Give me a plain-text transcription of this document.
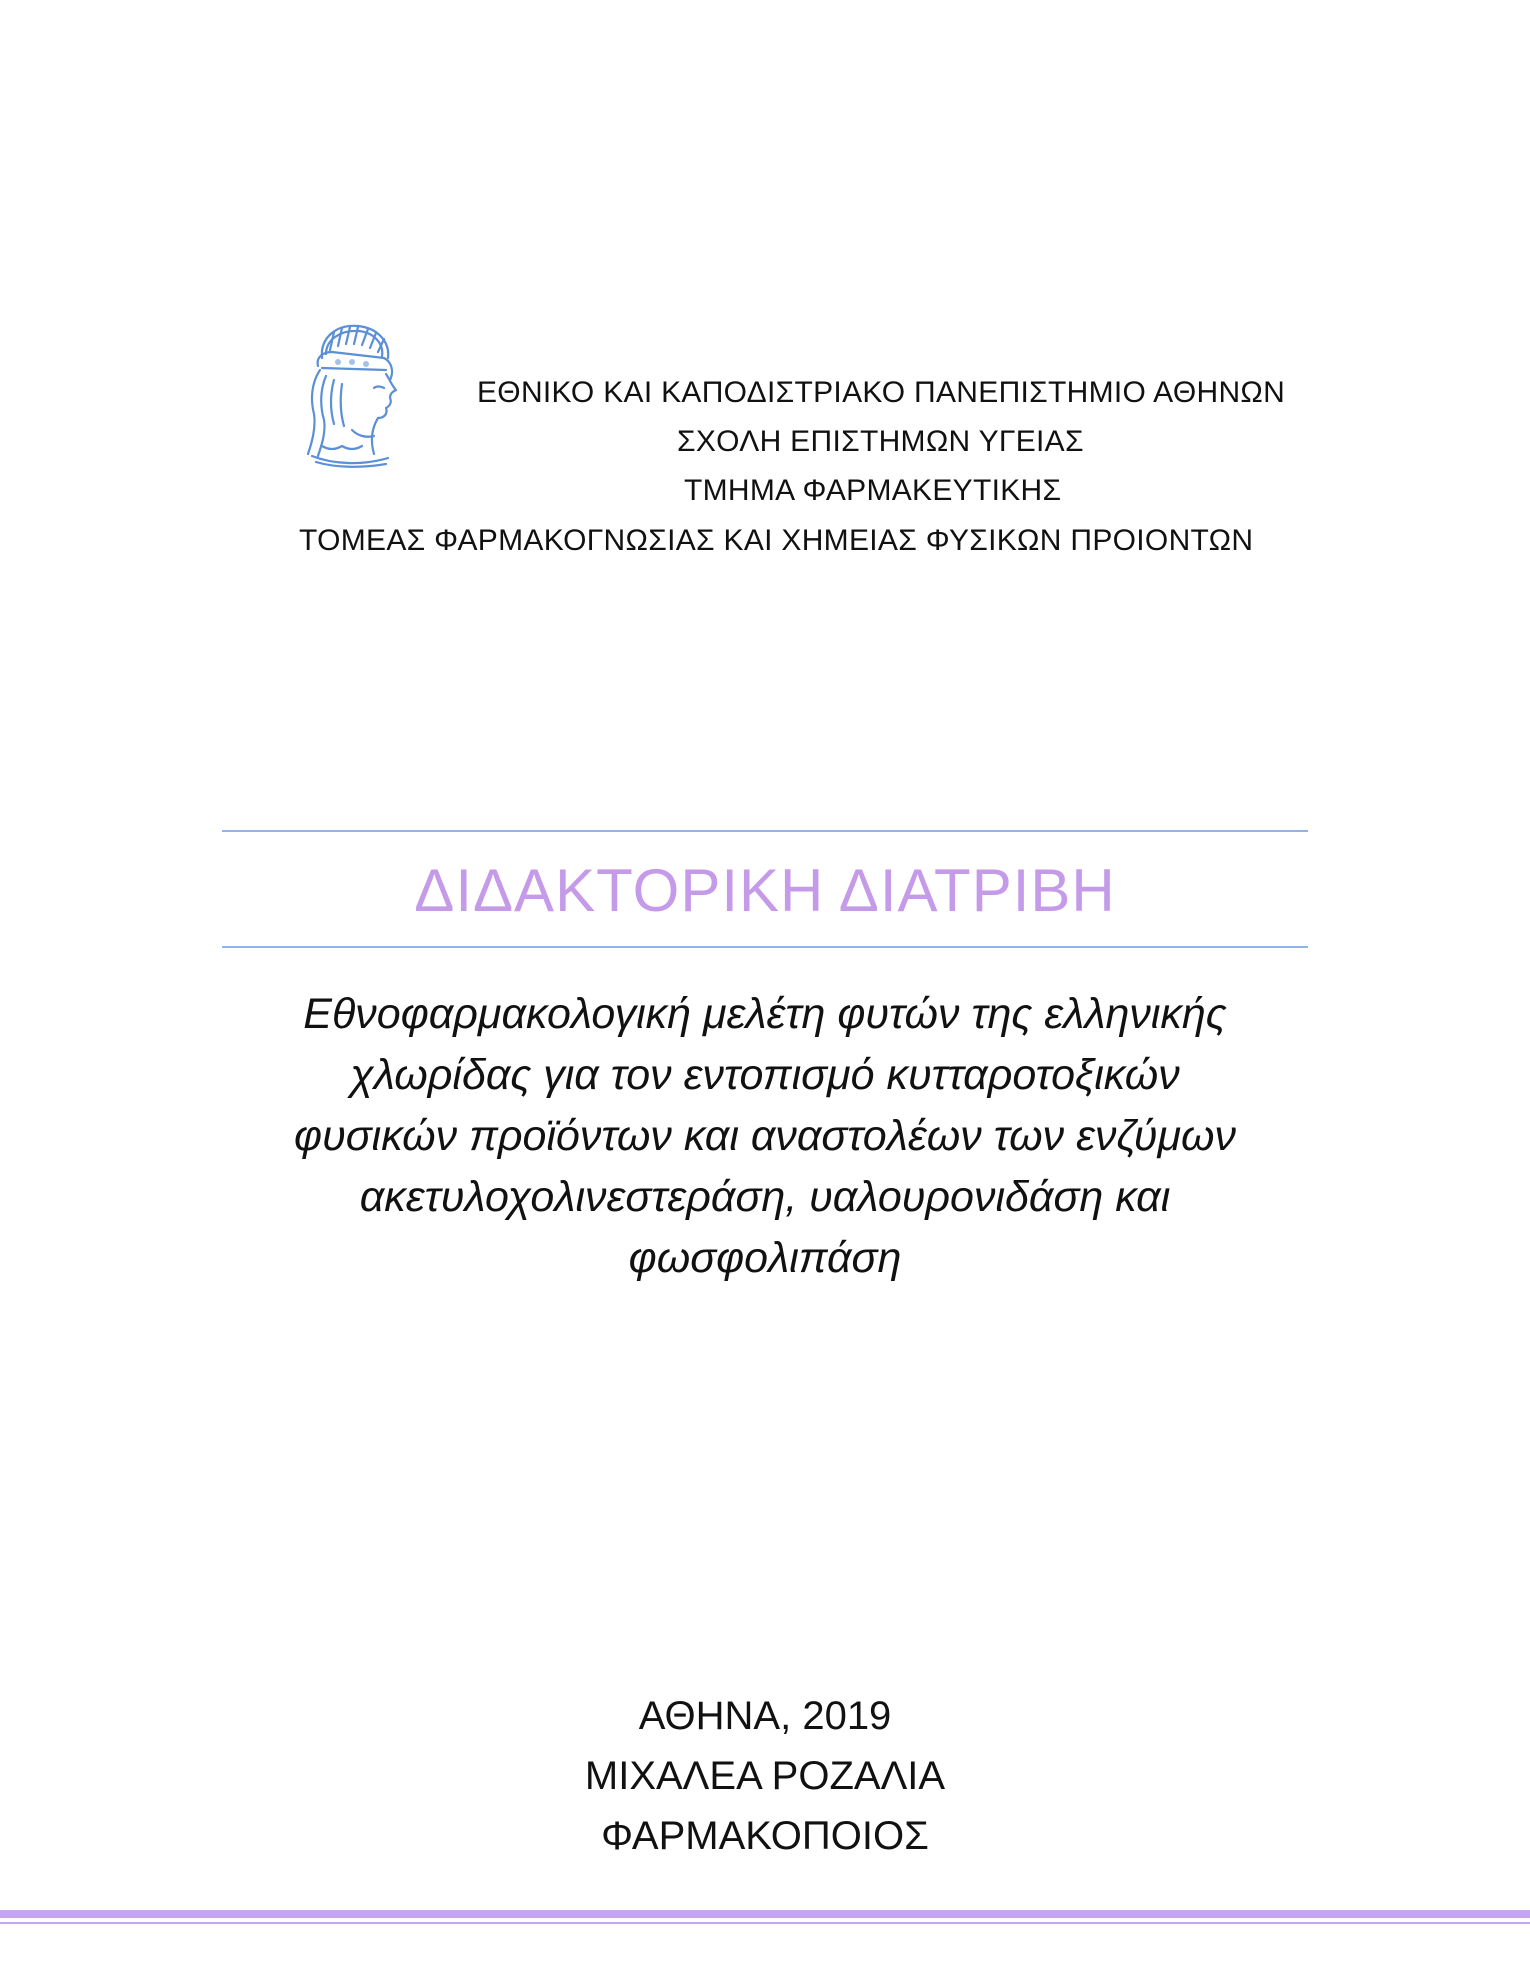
ΕΘΝΙΚΟ ΚΑΙ ΚΑΠΟΔΙΣΤΡΙΑΚΟ ΠΑΝΕΠΙΣΤΗΜΙΟ ΑΘΗΝΩΝ
ΣΧΟΛΗ ΕΠΙΣΤΗΜΩΝ ΥΓΕΙΑΣ
ΤΜΗΜΑ ΦΑΡΜΑΚΕΥΤΙΚΗΣ
ΤΟΜΕΑΣ ΦΑΡΜΑΚΟΓΝΩΣΙΑΣ ΚΑΙ ΧΗΜΕΙΑΣ ΦΥΣΙΚΩΝ ΠΡΟΙΟΝΤΩΝ
ΔΙΔΑΚΤΟΡΙΚΗ ΔΙΑΤΡΙΒΗ
Εθνοφαρμακολογική μελέτη φυτών της ελληνικής
χλωρίδας για τον εντοπισμό κυτταροτοξικών
φυσικών προϊόντων και αναστολέων των ενζύμων
ακετυλοχολινεστεράση, υαλουρονιδάση και
φωσφολιπάση
ΑΘΗΝΑ, 2019
ΜΙΧΑΛΕΑ ΡΟΖΑΛΙΑ
ΦΑΡΜΑΚΟΠΟΙΟΣ
